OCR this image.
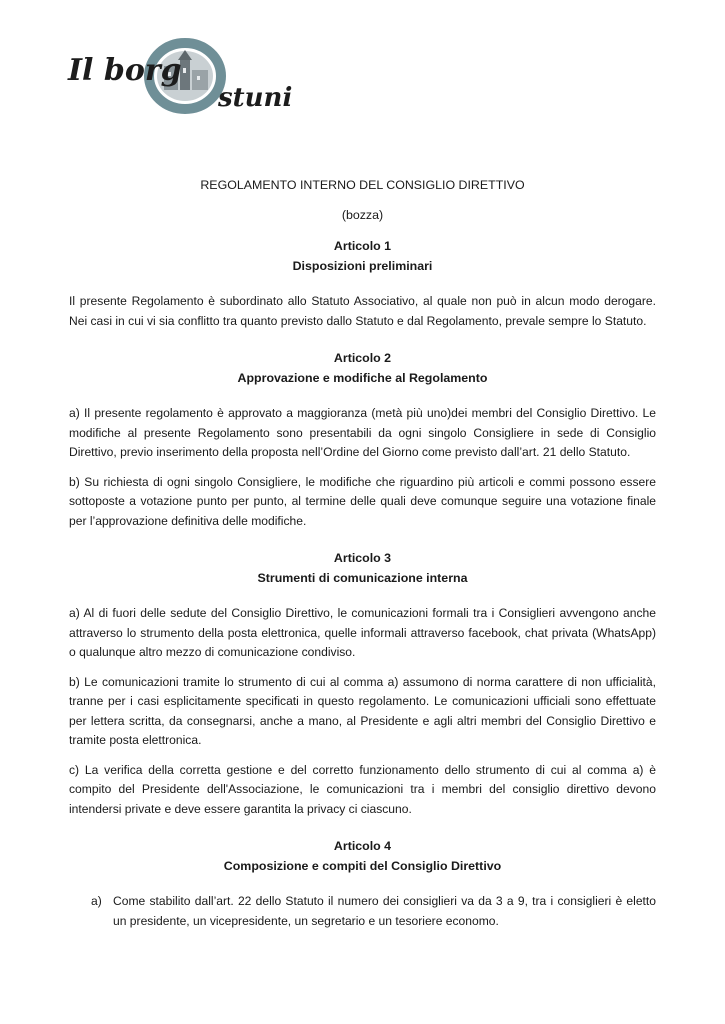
Il borg
stuni

REGOLAMENTO INTERNO DEL CONSIGLIO DIRETTIVO

(bozza)

Articolo 1

Disposizioni preliminari

Il presente Regolamento è subordinato allo Statuto Associativo, al quale non può in alcun modo derogare. Nei casi in cui vi sia conflitto tra quanto previsto dallo Statuto e dal Regolamento, prevale sempre lo Statuto.

Articolo 2

Approvazione e modifiche al Regolamento

a) Il presente regolamento è approvato a maggioranza (metà più uno)dei membri del Consiglio Direttivo. Le modifiche al presente Regolamento sono presentabili da ogni singolo Consigliere in sede di Consiglio Direttivo, previo inserimento della proposta nell’Ordine del Giorno come previsto dall’art. 21 dello Statuto.

b) Su richiesta di ogni singolo Consigliere, le modifiche che riguardino più articoli e commi possono essere sottoposte a votazione punto per punto, al termine delle quali deve comunque seguire una votazione finale per l’approvazione definitiva delle modifiche.

Articolo 3

Strumenti di comunicazione interna

a) Al di fuori delle sedute del Consiglio Direttivo, le comunicazioni formali tra i Consiglieri avvengono anche attraverso lo strumento della posta elettronica, quelle informali attraverso facebook, chat privata (WhatsApp) o qualunque altro mezzo di comunicazione condiviso.

b) Le comunicazioni tramite lo strumento di cui al comma a) assumono di norma carattere di non ufficialità, tranne per i casi esplicitamente specificati in questo regolamento. Le comunicazioni ufficiali sono effettuate per lettera scritta, da consegnarsi, anche a mano, al Presidente e agli altri membri del Consiglio Direttivo e tramite posta elettronica.

c) La verifica della corretta gestione e del corretto funzionamento dello strumento di cui al comma a) è compito del Presidente dell'Associazione, le comunicazioni tra i membri del consiglio direttivo devono intendersi private e deve essere garantita la privacy ci ciascuno.

Articolo 4

Composizione e compiti del Consiglio Direttivo

a) Come stabilito dall’art. 22 dello Statuto il numero dei consiglieri va da 3 a 9, tra i consiglieri è eletto un presidente, un vicepresidente, un segretario e un tesoriere economo.
